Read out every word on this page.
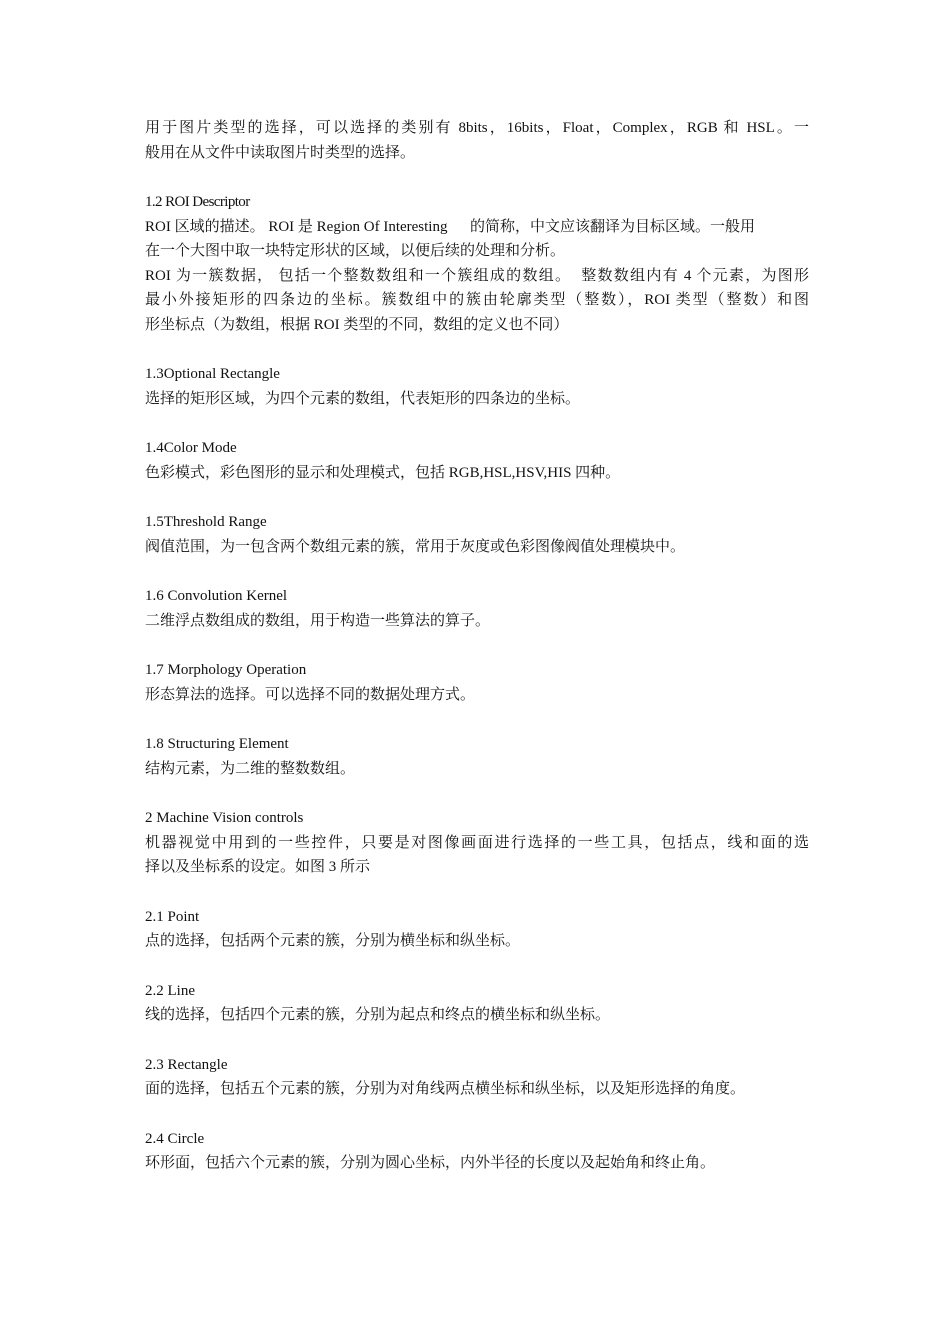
用于图片类型的选择，可以选择的类别有 8bits，16bits，Float，Complex，RGB 和 HSL。一
般用在从文件中读取图片时类型的选择。
1.2 ROI Descriptor
ROI 区域的描述。 ROI 是 Region Of Interesting      的简称，中文应该翻译为目标区域。一般用
在一个大图中取一块特定形状的区域，以便后续的处理和分析。
ROI 为一簇数据， 包括一个整数数组和一个簇组成的数组。  整数数组内有 4 个元素，为图形
最小外接矩形的四条边的坐标。簇数组中的簇由轮廓类型（整数），ROI 类型（整数）和图
形坐标点（为数组，根据 ROI 类型的不同，数组的定义也不同）
1.3Optional Rectangle
选择的矩形区域，为四个元素的数组，代表矩形的四条边的坐标。
1.4Color Mode
色彩模式，彩色图形的显示和处理模式，包括 RGB,HSL,HSV,HIS 四种。
1.5Threshold Range
阀值范围，为一包含两个数组元素的簇，常用于灰度或色彩图像阀值处理模块中。
1.6 Convolution Kernel
二维浮点数组成的数组，用于构造一些算法的算子。
1.7 Morphology Operation
形态算法的选择。可以选择不同的数据处理方式。
1.8 Structuring Element
结构元素，为二维的整数数组。
2 Machine Vision controls
机器视觉中用到的一些控件，只要是对图像画面进行选择的一些工具，包括点，线和面的选
择以及坐标系的设定。如图 3 所示
2.1 Point
点的选择，包括两个元素的簇，分别为横坐标和纵坐标。
2.2 Line
线的选择，包括四个元素的簇，分别为起点和终点的横坐标和纵坐标。
2.3 Rectangle
面的选择，包括五个元素的簇，分别为对角线两点横坐标和纵坐标，以及矩形选择的角度。
2.4 Circle
环形面，包括六个元素的簇，分别为圆心坐标，内外半径的长度以及起始角和终止角。
